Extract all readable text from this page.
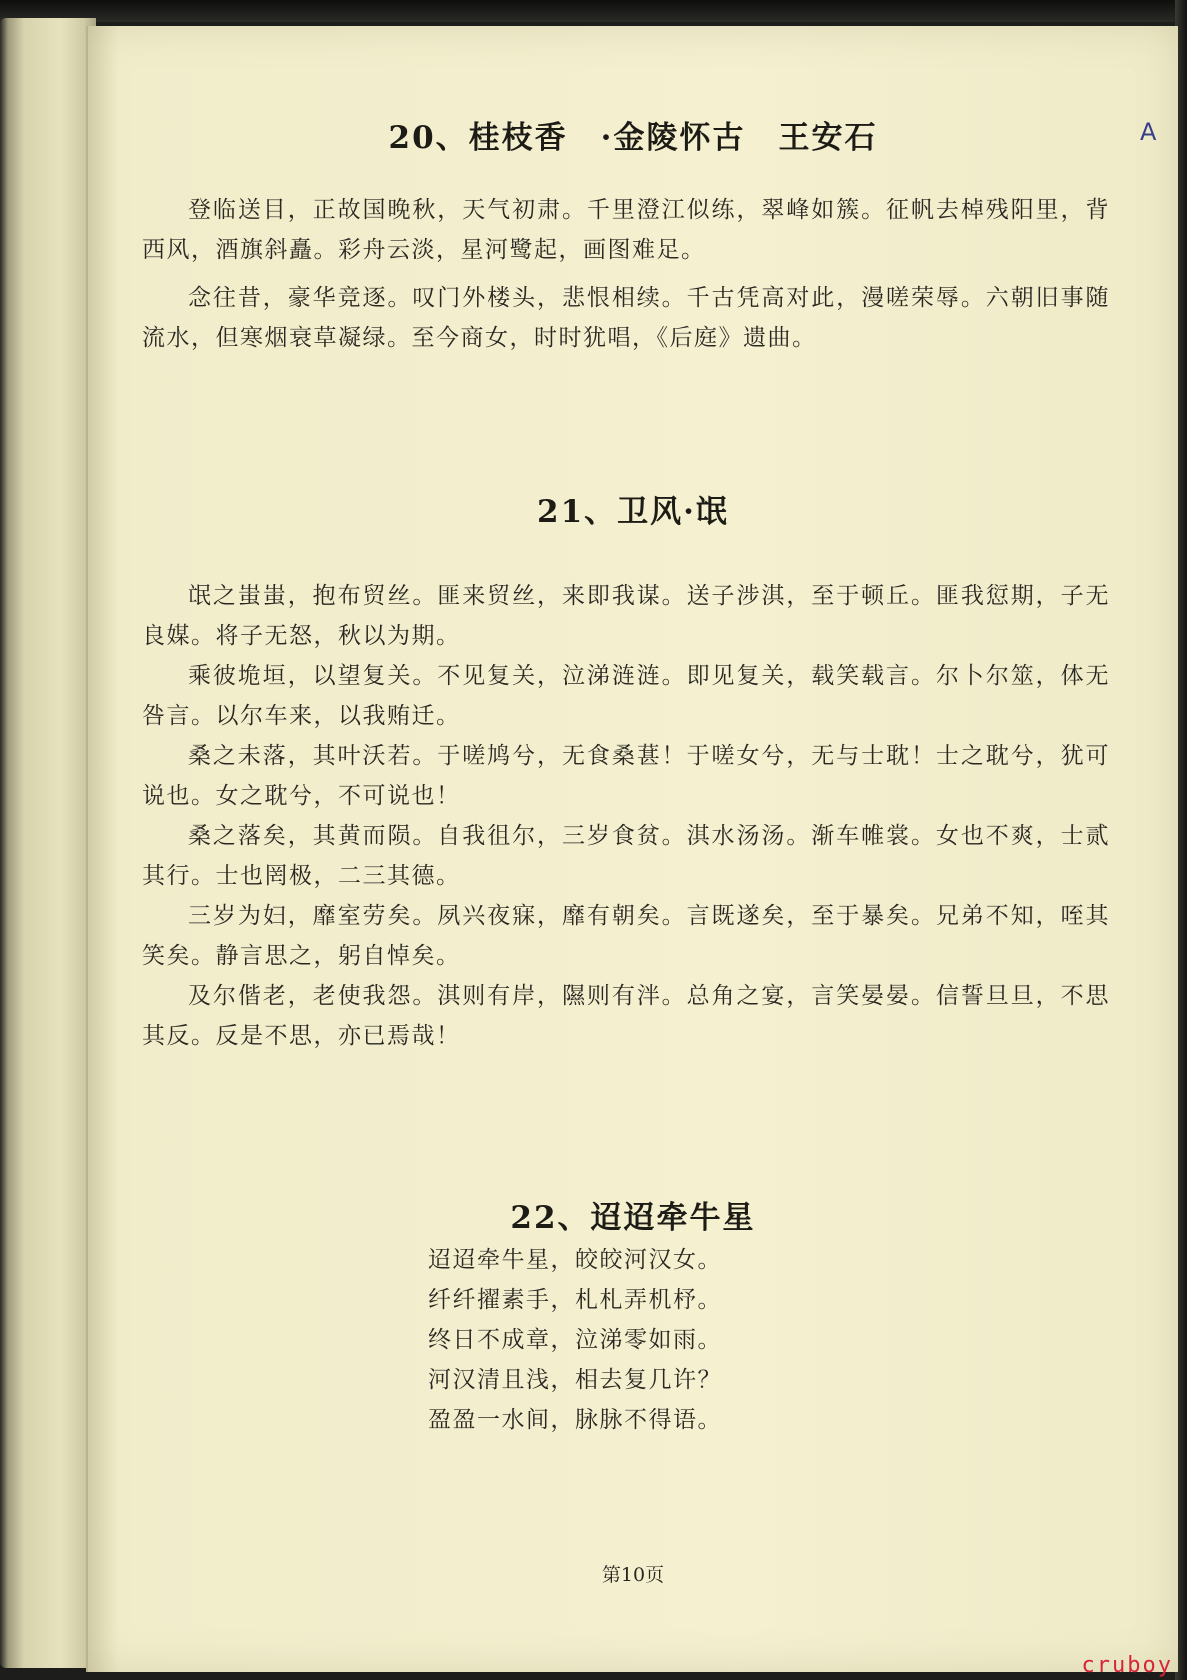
20、桂枝香　·金陵怀古　王安石

登临送目，正故国晚秋，天气初肃。千里澄江似练，翠峰如簇。征帆去棹残阳里，背西风，酒旗斜矗。彩舟云淡，星河鹭起，画图难足。

念往昔，豪华竞逐。叹门外楼头，悲恨相续。千古凭高对此，漫嗟荣辱。六朝旧事随流水，但寒烟衰草凝绿。至今商女，时时犹唱，《后庭》遗曲。

21、卫风·氓

氓之蚩蚩，抱布贸丝。匪来贸丝，来即我谋。送子涉淇，至于顿丘。匪我愆期，子无良媒。将子无怒，秋以为期。

乘彼垝垣，以望复关。不见复关，泣涕涟涟。即见复关，载笑载言。尔卜尔筮，体无咎言。以尔车来，以我贿迁。

桑之未落，其叶沃若。于嗟鸠兮，无食桑葚！于嗟女兮，无与士耽！士之耽兮，犹可说也。女之耽兮，不可说也！

桑之落矣，其黄而陨。自我徂尔，三岁食贫。淇水汤汤。渐车帷裳。女也不爽，士贰其行。士也罔极，二三其德。

三岁为妇，靡室劳矣。夙兴夜寐，靡有朝矣。言既遂矣，至于暴矣。兄弟不知，咥其笑矣。静言思之，躬自悼矣。

及尔偕老，老使我怨。淇则有岸，隰则有泮。总角之宴，言笑晏晏。信誓旦旦，不思其反。反是不思，亦已焉哉！

22、迢迢牵牛星
迢迢牵牛星，皎皎河汉女。
纤纤擢素手，札札弄机杼。
终日不成章，泣涕零如雨。
河汉清且浅，相去复几许？
盈盈一水间，脉脉不得语。
第10页
A
cruboy
